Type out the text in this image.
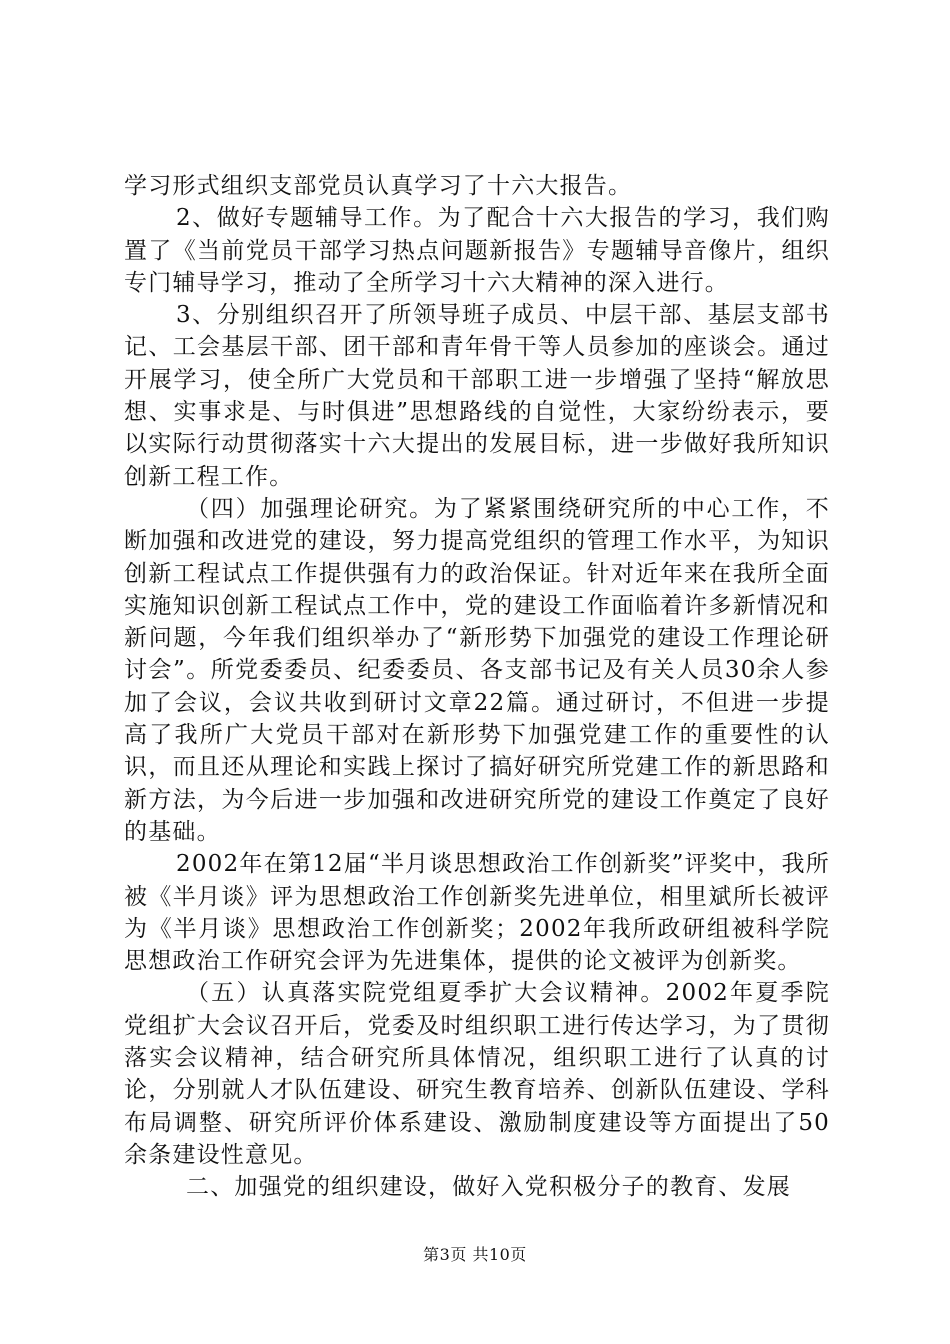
学习形式组织支部党员认真学习了十六大报告。

2、做好专题辅导工作。为了配合十六大报告的学习，我们购置了《当前党员干部学习热点问题新报告》专题辅导音像片，组织专门辅导学习，推动了全所学习十六大精神的深入进行。

3、分别组织召开了所领导班子成员、中层干部、基层支部书记、工会基层干部、团干部和青年骨干等人员参加的座谈会。通过开展学习，使全所广大党员和干部职工进一步增强了坚持“解放思想、实事求是、与时俱进”思想路线的自觉性，大家纷纷表示，要以实际行动贯彻落实十六大提出的发展目标，进一步做好我所知识创新工程工作。

（四）加强理论研究。为了紧紧围绕研究所的中心工作，不断加强和改进党的建设，努力提高党组织的管理工作水平，为知识创新工程试点工作提供强有力的政治保证。针对近年来在我所全面实施知识创新工程试点工作中，党的建设工作面临着许多新情况和新问题，今年我们组织举办了“新形势下加强党的建设工作理论研讨会”。所党委委员、纪委委员、各支部书记及有关人员30余人参加了会议，会议共收到研讨文章22篇。通过研讨，不但进一步提高了我所广大党员干部对在新形势下加强党建工作的重要性的认识，而且还从理论和实践上探讨了搞好研究所党建工作的新思路和新方法，为今后进一步加强和改进研究所党的建设工作奠定了良好的基础。

2002年在第12届“半月谈思想政治工作创新奖”评奖中，我所被《半月谈》评为思想政治工作创新奖先进单位，相里斌所长被评为《半月谈》思想政治工作创新奖；2002年我所政研组被科学院思想政治工作研究会评为先进集体，提供的论文被评为创新奖。

（五）认真落实院党组夏季扩大会议精神。2002年夏季院党组扩大会议召开后，党委及时组织职工进行传达学习，为了贯彻落实会议精神，结合研究所具体情况，组织职工进行了认真的讨论，分别就人才队伍建设、研究生教育培养、创新队伍建设、学科布局调整、研究所评价体系建设、激励制度建设等方面提出了50余条建设性意见。

二、加强党的组织建设，做好入党积极分子的教育、发展

第3页 共10页
